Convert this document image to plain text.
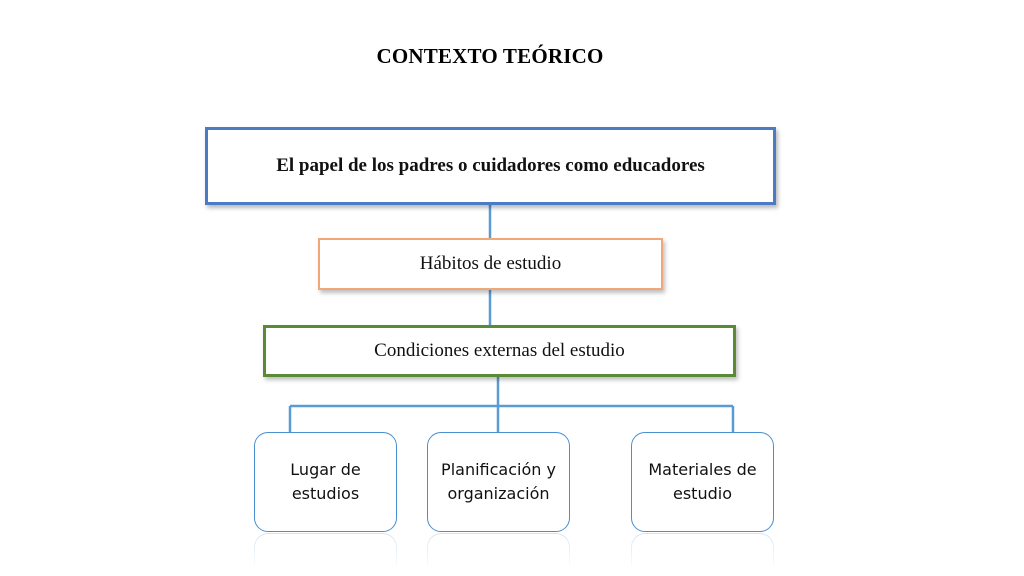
CONTEXTO TEÓRICO
El papel de los padres o cuidadores como educadores
Hábitos de estudio
Condiciones externas del estudio
Lugar de
estudios
Planificación y
organización
Materiales de
estudio
